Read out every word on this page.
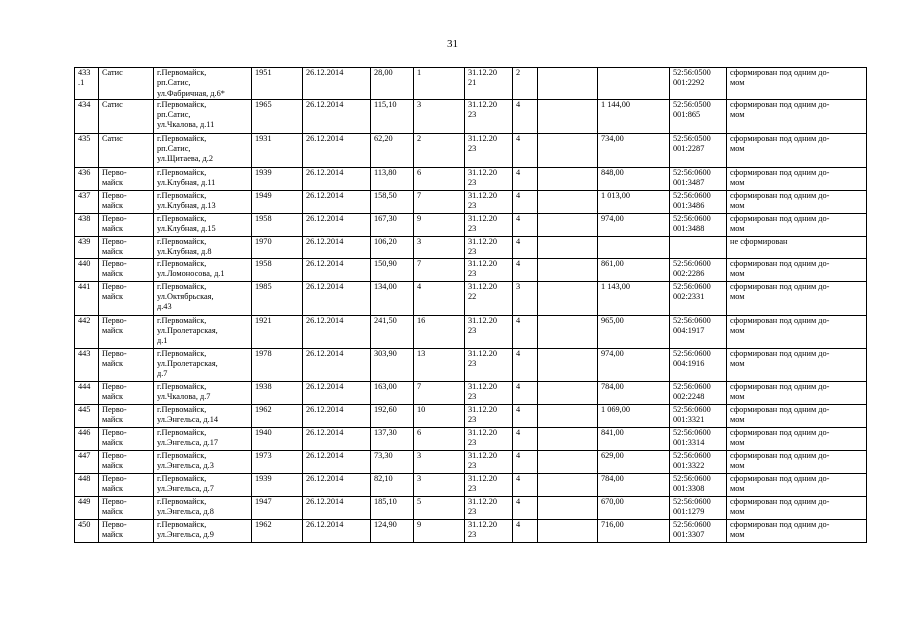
31
433
.1	Сатис	г.Первомайск,
рп.Сатис,
ул.Фабричная, д.6*	1951	26.12.2014	28,00	1	31.12.20
21	2			52:56:0500
001:2292	сформирован под одним до-
мом
434	Сатис	г.Первомайск,
рп.Сатис,
ул.Чкалова, д.11	1965	26.12.2014	115,10	3	31.12.20
23	4		1 144,00	52:56:0500
001:865	сформирован под одним до-
мом
435	Сатис	г.Первомайск,
рп.Сатис,
ул.Щитаева, д.2	1931	26.12.2014	62,20	2	31.12.20
23	4		734,00	52:56:0500
001:2287	сформирован под одним до-
мом
436	Перво-
майск	г.Первомайск,
ул.Клубная, д.11	1939	26.12.2014	113,80	6	31.12.20
23	4		848,00	52:56:0600
001:3487	сформирован под одним до-
мом
437	Перво-
майск	г.Первомайск,
ул.Клубная, д.13	1949	26.12.2014	158,50	7	31.12.20
23	4		1 013,00	52:56:0600
001:3486	сформирован под одним до-
мом
438	Перво-
майск	г.Первомайск,
ул.Клубная, д.15	1958	26.12.2014	167,30	9	31.12.20
23	4		974,00	52:56:0600
001:3488	сформирован под одним до-
мом
439	Перво-
майск	г.Первомайск,
ул.Клубная, д.8	1970	26.12.2014	106,20	3	31.12.20
23	4				не сформирован
440	Перво-
майск	г.Первомайск,
ул.Ломоносова, д.1	1958	26.12.2014	150,90	7	31.12.20
23	4		861,00	52:56:0600
002:2286	сформирован под одним до-
мом
441	Перво-
майск	г.Первомайск,
ул.Октябрьская,
д.43	1985	26.12.2014	134,00	4	31.12.20
22	3		1 143,00	52:56:0600
002:2331	сформирован под одним до-
мом
442	Перво-
майск	г.Первомайск,
ул.Пролетарская,
д.1	1921	26.12.2014	241,50	16	31.12.20
23	4		965,00	52:56:0600
004:1917	сформирован под одним до-
мом
443	Перво-
майск	г.Первомайск,
ул.Пролетарская,
д.7	1978	26.12.2014	303,90	13	31.12.20
23	4		974,00	52:56:0600
004:1916	сформирован под одним до-
мом
444	Перво-
майск	г.Первомайск,
ул.Чкалова, д.7	1938	26.12.2014	163,00	7	31.12.20
23	4		784,00	52:56:0600
002:2248	сформирован под одним до-
мом
445	Перво-
майск	г.Первомайск,
ул.Энгельса, д.14	1962	26.12.2014	192,60	10	31.12.20
23	4		1 069,00	52:56:0600
001:3321	сформирован под одним до-
мом
446	Перво-
майск	г.Первомайск,
ул.Энгельса, д.17	1940	26.12.2014	137,30	6	31.12.20
23	4		841,00	52:56:0600
001:3314	сформирован под одним до-
мом
447	Перво-
майск	г.Первомайск,
ул.Энгельса, д.3	1973	26.12.2014	73,30	3	31.12.20
23	4		629,00	52:56:0600
001:3322	сформирован под одним до-
мом
448	Перво-
майск	г.Первомайск,
ул.Энгельса, д.7	1939	26.12.2014	82,10	3	31.12.20
23	4		784,00	52:56:0600
001:3308	сформирован под одним до-
мом
449	Перво-
майск	г.Первомайск,
ул.Энгельса, д.8	1947	26.12.2014	185,10	5	31.12.20
23	4		670,00	52:56:0600
001:1279	сформирован под одним до-
мом
450	Перво-
майск	г.Первомайск,
ул.Энгельса, д.9	1962	26.12.2014	124,90	9	31.12.20
23	4		716,00	52:56:0600
001:3307	сформирован под одним до-
мом
